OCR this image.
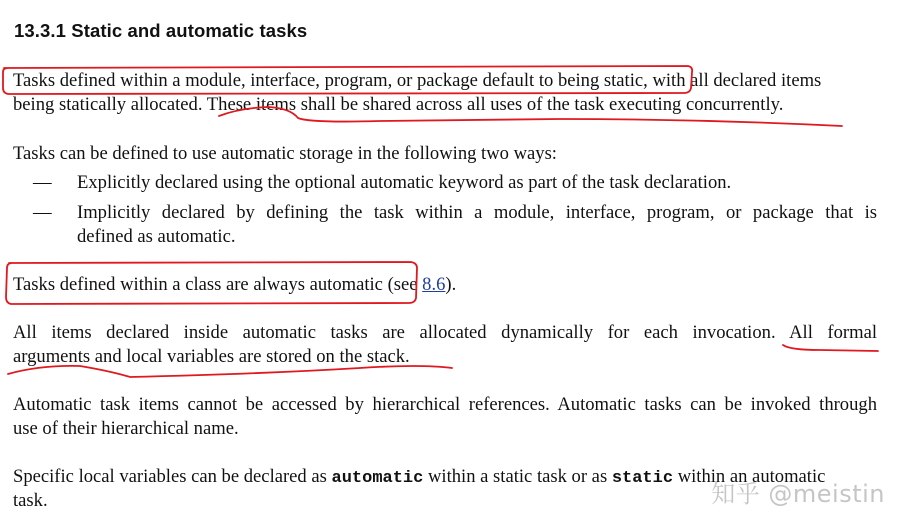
13.3.1 Static and automatic tasks
Tasks defined within a module, interface, program, or package default to being static, with all declared items
being statically allocated. These items shall be shared across all uses of the task executing concurrently.
Tasks can be defined to use automatic storage in the following two ways:
— Explicitly declared using the optional automatic keyword as part of the task declaration.
— Implicitly declared by defining the task within a module, interface, program, or package that is
defined as automatic.
Tasks defined within a class are always automatic (see 8.6).
All items declared inside automatic tasks are allocated dynamically for each invocation. All formal
arguments and local variables are stored on the stack.
Automatic task items cannot be accessed by hierarchical references. Automatic tasks can be invoked through
use of their hierarchical name.
Specific local variables can be declared as automatic within a static task or as static within an automatic
task.	知乎 @meistin
